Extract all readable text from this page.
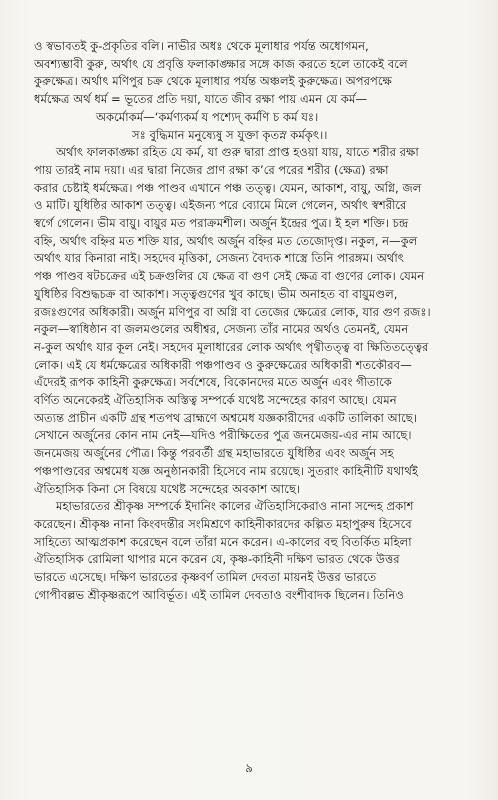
ও স্বভাবতই কু-প্রকৃতির বলি। নাভীর অধঃ থেকে মূলাধার পর্যন্ত অধোগমন,
অবশ্যম্ভাবী কুরু, অর্থাৎ যে প্রবৃত্তি ফলাকাঙ্ক্ষার সঙ্গে কাজ করতে হলে তাকেই বলে
কুরুক্ষেত্র। অর্থাৎ মণিপুর চক্র থেকে মূলাধার পর্যন্ত অঞ্চলই কুরুক্ষেত্র। অপরপক্ষে
ধর্মক্ষেত্র অর্থ ধর্ম = ভূতের প্রতি দয়া, যাতে জীব রক্ষা পায় এমন যে কর্ম—
অকর্মোকর্ম—‘কর্মণ্যকর্ম য পশ্যেদ্ কর্মণি চ কর্ম যঃ।
সঃ বুদ্ধিমান মনুষ্যেষু স যুক্তা কৃতস্ন কর্মকৃৎ।।
অর্থাৎ ফালকাঙ্ক্ষা রহিত যে কর্ম, যা গুরু দ্বারা প্রাপ্ত হওয়া যায়, যাতে শরীর রক্ষা
পায় তারই নাম দয়া। এর দ্বারা নিজের প্রাণ রক্ষা ক’রে পরের শরীর (ক্ষেত্র) রক্ষা
করার চেষ্টাই ধর্মক্ষেত্র। পঞ্চ পাণ্ডব এখানে পঞ্চ তত্ত্ব। যেমন, আকাশ, বায়ু, অগ্নি, জল
ও মাটি। যুধিষ্ঠির আকাশ তত্ত্ব। এইজন্য পরে ব্যোমে মিলে গেলেন, অর্থাৎ স্বশরীরে
স্বর্গে গেলেন। ভীম বায়ু। বায়ুর মত পরাক্রমশীল। অর্জুন ইন্দ্রের পুত্র। ই হল শক্তি। চন্দ্র
বহ্নি, অর্থাৎ বহ্নির মত শক্তি যার, অর্থাৎ অর্জুন বহ্নির মত তেজোদৃপ্ত। নকুল, ন—কুল
অর্থাৎ যার কিনারা নাই। সহদেব মৃত্তিকা, সেজন্য বৈদ্যক শাস্ত্রে তিনি পারঙ্গম। অর্থাৎ
পঞ্চ পাণ্ডব ষটচক্রের এই চক্রগুলির যে ক্ষেত্র বা গুণ সেই ক্ষেত্র বা গুণের লোক। যেমন
যুধিষ্ঠির বিশুদ্ধচক্র বা আকাশ। সত্ত্বগুণের খুব কাছে। ভীম অনাহত বা বায়ুমণ্ডল,
রজঃগুণের অধিকারী। অর্জুন মণিপুর বা অগ্নি বা তেজের ক্ষেত্রের লোক, যার গুণ রজঃ।
নকুল—স্বাধিষ্ঠান বা জলমণ্ডলের অধীশ্বর, সেজন্য তাঁর নামের অর্থও তেমনই, যেমন
ন-কুল অর্থাৎ যার কূল নেই। সহদেব মূলাধারের লোক অর্থাৎ পৃথ্বীতত্ত্ব বা ক্ষিতিতত্ত্বের
লোক। এই যে ধর্মক্ষেত্রের অধিকারী পঞ্চপাণ্ডব ও কুরুক্ষেত্রের অধিকারী শতকৌরব—
এঁদেরই রূপক কাহিনী কুরুক্ষেত্র। সর্বশেষে, বিকোনদের মতে অর্জুন এবং গীতাকে
বর্ণিত অনেকেরই ঐতিহাসিক অস্তিত্ব সম্পর্কে যথেষ্ট সন্দেহের কারণ আছে। যেমন
অত্যন্ত প্রাচীন একটি গ্রন্থ শতপথ ব্রাহ্মণে অশ্বমেধ যজ্ঞকারীদের একটি তালিকা আছে।
সেখানে অর্জুনের কোন নাম নেই—যদিও পরীক্ষিতের পুত্র জনমেজয়-এর নাম আছে।
জনমেজয় অর্জুনের পৌত্র। কিন্তু পরবর্তী গ্রন্থ মহাভারতে যুধিষ্ঠির এবং অর্জুন সহ
পঞ্চপাণ্ডবের অশ্বমেধ যজ্ঞ অনুষ্ঠানকারী হিসেবে নাম রয়েছে। সুতরাং কাহিনীটি যথার্থই
ঐতিহাসিক কিনা সে বিষয়ে যথেষ্ট সন্দেহের অবকাশ আছে।
মহাভারতের শ্রীকৃষ্ণ সম্পর্কে ইদানিং কালের ঐতিহাসিকেরাও নানা সন্দেহ প্রকাশ
করেছেন। শ্রীকৃষ্ণ নানা কিংবদন্তীর সংমিশ্রণে কাহিনীকারদের কল্পিত মহাপুরুষ হিসেবে
সাহিত্যে আত্মপ্রকাশ করেছেন বলে তাঁরা মনে করেন। এ-কালের বহু বিতর্কিত মহিলা
ঐতিহাসিক রোমিলা থাপার মনে করেন যে, কৃষ্ণ-কাহিনী দক্ষিণ ভারত থেকে উত্তর
ভারতে এসেছে। দক্ষিণ ভারতের কৃষ্ণবর্ণ তামিল দেবতা মায়নই উত্তর ভারতে
গোপীবল্লভ শ্রীকৃষ্ণরূপে আবির্ভূত। এই তামিল দেবতাও বংশীবাদক ছিলেন। তিনিও
৯
